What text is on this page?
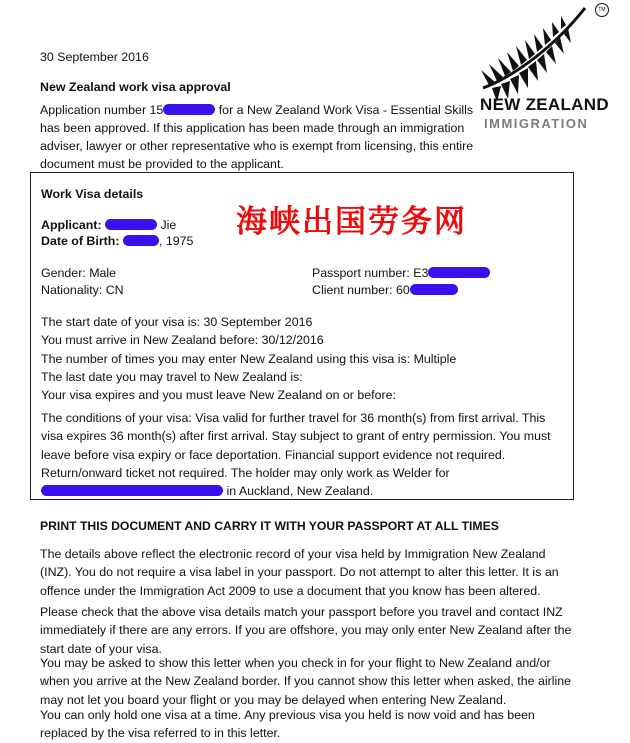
TM
NEW ZEALAND
IMMIGRATION

30 September 2016

New Zealand work visa approval

Application number 15	for a New Zealand Work Visa - Essential Skills has been approved. If this application has been made through an immigration adviser, lawyer or other representative who is exempt from licensing, this entire document must be provided to the applicant.

Work Visa details
Applicant:	Jie
Date of Birth:	, 1975
Gender: Male
Nationality: CN
Passport number: E3
Client number: 60
The start date of your visa is: 30 September 2016
You must arrive in New Zealand before: 30/12/2016
The number of times you may enter New Zealand using this visa is: Multiple
The last date you may travel to New Zealand is:
Your visa expires and you must leave New Zealand on or before:
The conditions of your visa: Visa valid for further travel for 36 month(s) from first arrival. This visa expires 36 month(s) after first arrival. Stay subject to grant of entry permission. You must leave before visa expiry or face deportation. Financial support evidence not required. Return/onward ticket not required. The holder may only work as Welder for in Auckland, New Zealand.
海峡出国劳务网

PRINT THIS DOCUMENT AND CARRY IT WITH YOUR PASSPORT AT ALL TIMES

The details above reflect the electronic record of your visa held by Immigration New Zealand (INZ). You do not require a visa label in your passport. Do not attempt to alter this letter. It is an offence under the Immigration Act 2009 to use a document that you know has been altered.

Please check that the above visa details match your passport before you travel and contact INZ immediately if there are any errors. If you are offshore, you may only enter New Zealand after the start date of your visa.

You may be asked to show this letter when you check in for your flight to New Zealand and/or when you arrive at the New Zealand border. If you cannot show this letter when asked, the airline may not let you board your flight or you may be delayed when entering New Zealand.

You can only hold one visa at a time. Any previous visa you held is now void and has been replaced by the visa referred to in this letter.
